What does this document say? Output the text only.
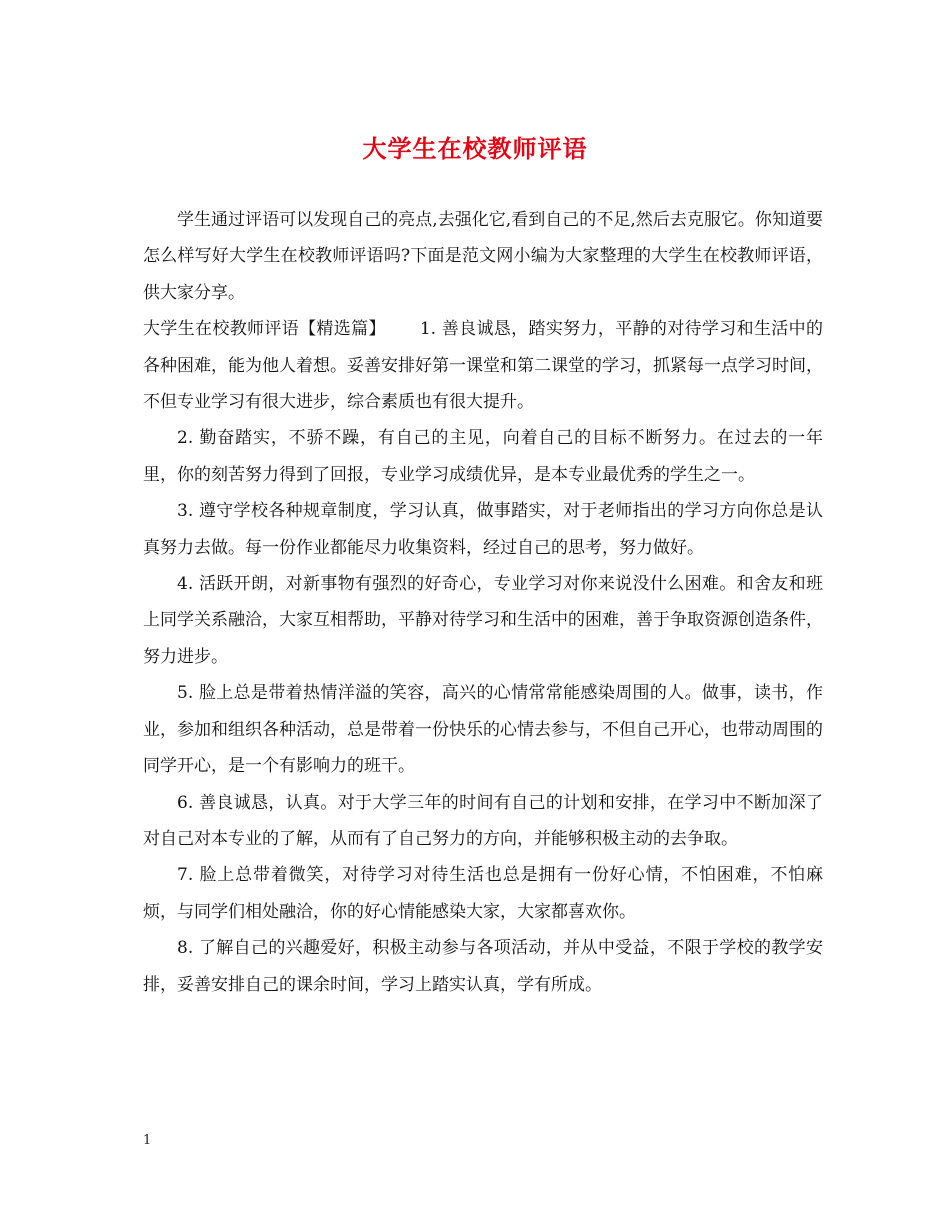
大学生在校教师评语

学生通过评语可以发现自己的亮点,去强化它,看到自己的不足,然后去克服它。你知道要怎么样写好大学生在校教师评语吗?下面是范文网小编为大家整理的大学生在校教师评语，供大家分享。

大学生在校教师评语【精选篇】 1. 善良诚恳，踏实努力，平静的对待学习和生活中的各种困难，能为他人着想。妥善安排好第一课堂和第二课堂的学习，抓紧每一点学习时间，不但专业学习有很大进步，综合素质也有很大提升。

2. 勤奋踏实，不骄不躁，有自己的主见，向着自己的目标不断努力。在过去的一年里，你的刻苦努力得到了回报，专业学习成绩优异，是本专业最优秀的学生之一。

3. 遵守学校各种规章制度，学习认真，做事踏实，对于老师指出的学习方向你总是认真努力去做。每一份作业都能尽力收集资料，经过自己的思考，努力做好。

4. 活跃开朗，对新事物有强烈的好奇心，专业学习对你来说没什么困难。和舍友和班上同学关系融洽，大家互相帮助，平静对待学习和生活中的困难，善于争取资源创造条件，努力进步。

5. 脸上总是带着热情洋溢的笑容，高兴的心情常常能感染周围的人。做事，读书，作业，参加和组织各种活动，总是带着一份快乐的心情去参与，不但自己开心，也带动周围的同学开心，是一个有影响力的班干。

6. 善良诚恳，认真。对于大学三年的时间有自己的计划和安排，在学习中不断加深了对自己对本专业的了解，从而有了自己努力的方向，并能够积极主动的去争取。

7. 脸上总带着微笑，对待学习对待生活也总是拥有一份好心情，不怕困难，不怕麻烦，与同学们相处融洽，你的好心情能感染大家，大家都喜欢你。

8. 了解自己的兴趣爱好，积极主动参与各项活动，并从中受益，不限于学校的教学安排，妥善安排自己的课余时间，学习上踏实认真，学有所成。

1
